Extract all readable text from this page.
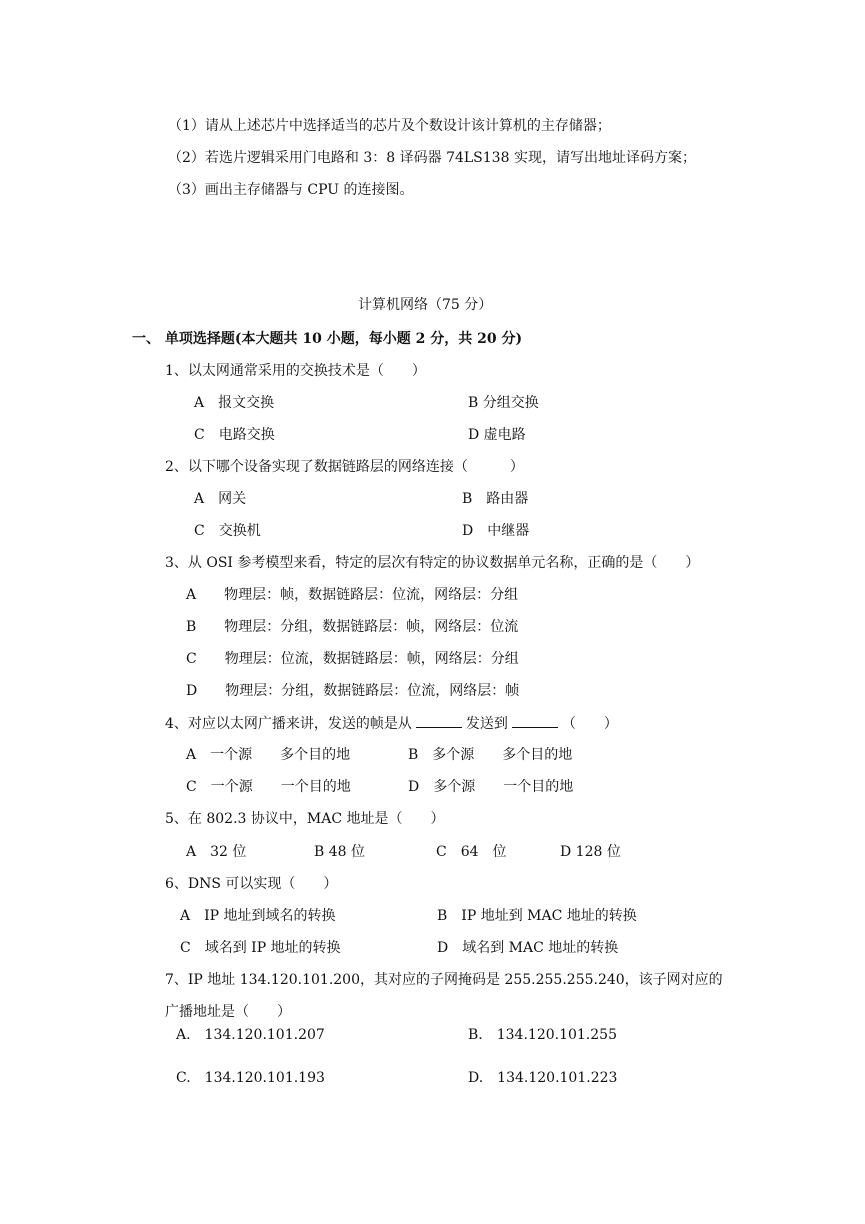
（1）请从上述芯片中选择适当的芯片及个数设计该计算机的主存储器；
（2）若选片逻辑采用门电路和 3：8 译码器 74LS138 实现，请写出地址译码方案；
（3）画出主存储器与 CPU 的连接图。
计算机网络（75 分）
一、 单项选择题(本大题共 10 小题，每小题 2 分，共 20 分)
1、以太网通常采用的交换技术是（　　）
A　报文交换	B 分组交换
C　电路交换	D 虚电路
2、以下哪个设备实现了数据链路层的网络连接（　　　）
A　网关	B　路由器
C　交换机	D　中继器
3、从 OSI 参考模型来看，特定的层次有特定的协议数据单元名称，正确的是（　　）
A　　物理层：帧，数据链路层：位流，网络层：分组
B　　物理层：分组，数据链路层：帧，网络层：位流
C　　物理层：位流，数据链路层：帧，网络层：分组
D　　物理层：分组，数据链路层：位流，网络层：帧
4、对应以太网广播来讲，发送的帧是从	发送到	（　　）
A　一个源　　多个目的地	B　多个源　　多个目的地
C　一个源　　一个目的地	D　多个源　　一个目的地
5、在 802.3 协议中，MAC 地址是（　　）
A　32 位	B 48 位	C　64　位	D 128 位
6、DNS 可以实现（　　）
A　IP 地址到域名的转换	B　IP 地址到 MAC 地址的转换
C　域名到 IP 地址的转换	D　域名到 MAC 地址的转换
7、IP 地址 134.120.101.200，其对应的子网掩码是 255.255.255.240，该子网对应的
广播地址是（　　）
A.　134.120.101.207	B.　134.120.101.255
C.　134.120.101.193	D.　134.120.101.223
